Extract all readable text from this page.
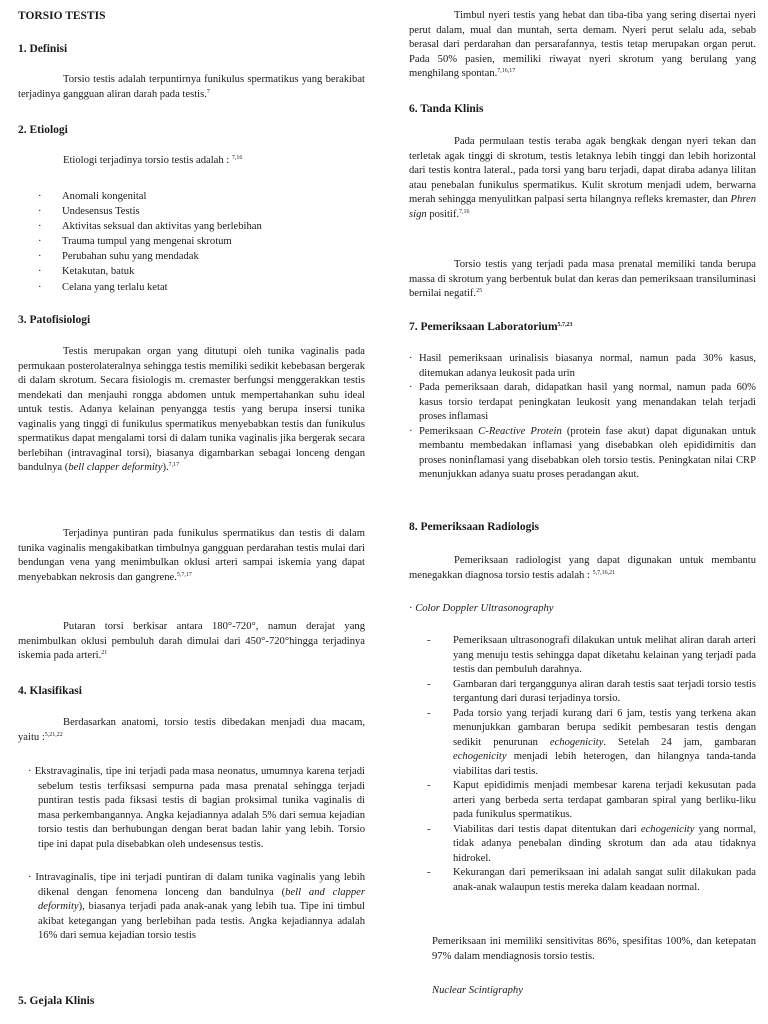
TORSIO TESTIS
1. Definisi
Torsio testis adalah terpuntirnya funikulus spermatikus yang berakibat terjadinya gangguan aliran darah pada testis.$^7$
2. Etiologi
Etiologi terjadinya torsio testis adalah : $^{7,16}$
· Anomali kongenital
· Undesensus Testis
· Aktivitas seksual dan aktivitas yang berlebihan
· Trauma tumpul yang mengenai skrotum
· Perubahan suhu yang mendadak
· Ketakutan, batuk
· Celana yang terlalu ketat
3. Patofisiologi
Testis merupakan organ yang ditutupi oleh tunika vaginalis pada permukaan posterolateralnya sehingga testis memiliki sedikit kebebasan bergerak di dalam skrotum. Secara fisiologis m. cremaster berfungsi menggerakkan testis mendekati dan menjauhi rongga abdomen untuk mempertahankan suhu ideal untuk testis. Adanya kelainan penyangga testis yang berupa insersi tunika vaginalis yang tinggi di funikulus spermatikus menyebabkan testis dan funikulus spermatikus dapat mengalami torsi di dalam tunika vaginalis jika bergerak secara berlebihan (intravaginal torsi), biasanya digambarkan sebagai lonceng dengan bandulnya (bell clapper deformity).$^{7,17}$
Terjadinya puntiran pada funikulus spermatikus dan testis di dalam tunika vaginalis mengakibatkan timbulnya gangguan perdarahan testis mulai dari bendungan vena yang menimbulkan oklusi arteri sampai iskemia yang dapat menyebabkan nekrosis dan gangrene.$^{5,7,17}$
Putaran torsi berkisar antara 180°-720°, namun derajat yang menimbulkan oklusi pembuluh darah dimulai dari 450°-720°hingga terjadinya iskemia pada arteri.$^{21}$
4. Klasifikasi
Berdasarkan anatomi, torsio testis dibedakan menjadi dua macam, yaitu :$^{5,21,22}$
· Ekstravaginalis, tipe ini terjadi pada masa neonatus, umumnya karena terjadi sebelum testis terfiksasi sempurna pada masa prenatal sehingga terjadi puntiran testis pada fiksasi testis di bagian proksimal tunika vaginalis di masa perkembangannya. Angka kejadiannya adalah 5% dari semua kejadian torsio testis dan berhubungan dengan berat badan lahir yang lebih. Torsio tipe ini dapat pula disebabkan oleh undesensus testis.
· Intravaginalis, tipe ini terjadi puntiran di dalam tunika vaginalis yang lebih dikenal dengan fenomena lonceng dan bandulnya (bell and clapper deformity), biasanya terjadi pada anak-anak yang lebih tua. Tipe ini timbul akibat ketegangan yang berlebihan pada testis. Angka kejadiannya adalah 16% dari semua kejadian torsio testis
5. Gejala Klinis
Timbul nyeri testis yang hebat dan tiba-tiba yang sering disertai nyeri perut dalam, mual dan muntah, serta demam. Nyeri perut selalu ada, sebab berasal dari perdarahan dan persarafannya, testis tetap merupakan organ perut. Pada 50% pasien, memiliki riwayat nyeri skrotum yang berulang yang menghilang spontan.$^{7,16,17}$
6. Tanda Klinis
Pada permulaan testis teraba agak bengkak dengan nyeri tekan dan terletak agak tinggi di skrotum, testis letaknya lebih tinggi dan lebih horizontal dari testis kontra lateral., pada torsi yang baru terjadi, dapat diraba adanya lilitan atau penebalan funikulus spermatikus. Kulit skrotum menjadi udem, berwarna merah sehingga menyulitkan palpasi serta hilangnya refleks kremaster, dan Phren sign positif.$^{7,16}$
Torsio testis yang terjadi pada masa prenatal memiliki tanda berupa massa di skrotum yang berbentuk bulat dan keras dan pemeriksaan transiluminasi bernilai negatif.$^{25}$
7. Pemeriksaan Laboratorium$^{5,7,23}$
· Hasil pemeriksaan urinalisis biasanya normal, namun pada 30% kasus, ditemukan adanya leukosit pada urin
· Pada pemeriksaan darah, didapatkan hasil yang normal, namun pada 60% kasus torsio terdapat peningkatan leukosit yang menandakan telah terjadi proses inflamasi
· Pemeriksaan C-Reactive Protein (protein fase akut) dapat digunakan untuk membantu membedakan inflamasi yang disebabkan oleh epididimitis dan proses noninflamasi yang disebabkan oleh torsio testis. Peningkatan nilai CRP menunjukkan adanya suatu proses peradangan akut.
8. Pemeriksaan Radiologis
Pemeriksaan radiologist yang dapat digunakan untuk membantu menegakkan diagnosa torsio testis adalah : $^{5,7,16,21}$
· Color Doppler Ultrasonography
- Pemeriksaan ultrasonografi dilakukan untuk melihat aliran darah arteri yang menuju testis sehingga dapat diketahu kelainan yang terjadi pada testis dan pembuluh darahnya.
- Gambaran dari terganggunya aliran darah testis saat terjadi torsio testis tergantung dari durasi terjadinya torsio.
- Pada torsio yang terjadi kurang dari 6 jam, testis yang terkena akan menunjukkan gambaran berupa sedikit pembesaran testis dengan sedikit penurunan echogenicity. Setelah 24 jam, gambaran echogenicity menjadi lebih heterogen, dan hilangnya tanda-tanda viabilitas dari testis.
- Kaput epididimis menjadi membesar karena terjadi kekusutan pada arteri yang berbeda serta terdapat gambaran spiral yang berliku-liku pada funikulus spermatikus.
- Viabilitas dari testis dapat ditentukan dari echogenicity yang normal, tidak adanya penebalan dinding skrotum dan ada atau tidaknya hidrokel.
- Kekurangan dari pemeriksaan ini adalah sangat sulit dilakukan pada anak-anak walaupun testis mereka dalam keadaan normal.
Pemeriksaan ini memiliki sensitivitas 86%, spesifitas 100%, dan ketepatan 97% dalam mendiagnosis torsio testis.
Nuclear Scintigraphy
